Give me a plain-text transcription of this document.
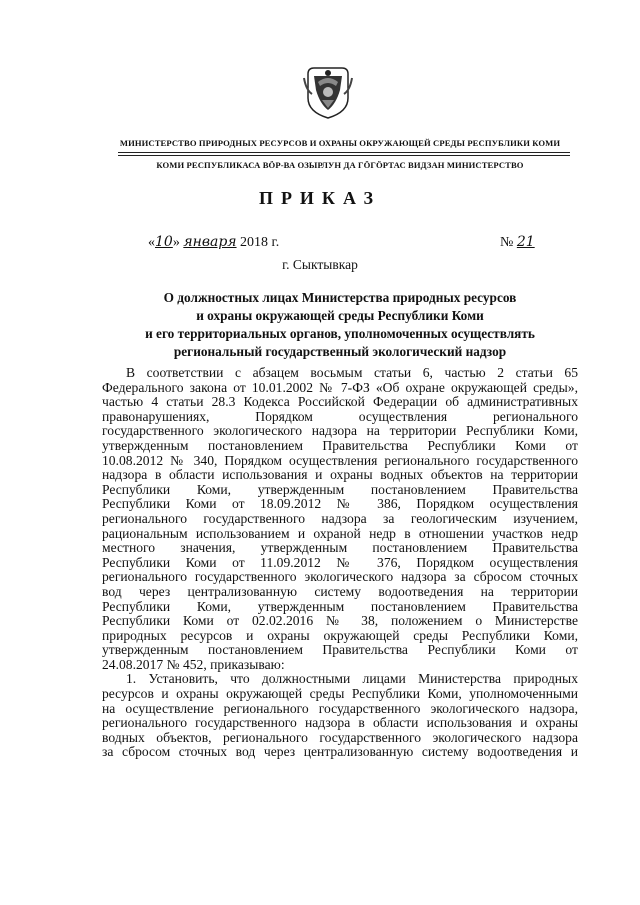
МИНИСТЕРСТВО ПРИРОДНЫХ РЕСУРСОВ И ОХРАНЫ ОКРУЖАЮЩЕЙ СРЕДЫ РЕСПУБЛИКИ КОМИ
КОМИ РЕСПУБЛИКАСА ВӦР-ВА ОЗЫРЛУН ДА ГӦГӦРТАС ВИДЗАН МИНИСТЕРСТВО
ПРИКАЗ
«10» января 2018 г.	№ 21
г. Сыктывкар
О должностных лицах Министерства природных ресурсов
и охраны окружающей среды Республики Коми
и его территориальных органов, уполномоченных осуществлять
региональный государственный экологический надзор
В соответствии с абзацем восьмым статьи 6, частью 2 статьи 65
Федерального закона от 10.01.2002 № 7-ФЗ «Об охране окружающей среды»,
частью 4 статьи 28.3 Кодекса Российской Федерации об административных
правонарушениях, Порядком осуществления регионального
государственного экологического надзора на территории Республики Коми,
утвержденным постановлением Правительства Республики Коми от
10.08.2012 № 340, Порядком осуществления регионального государственного
надзора в области использования и охраны водных объектов на территории
Республики Коми, утвержденным постановлением Правительства
Республики Коми от 18.09.2012 № 386, Порядком осуществления
регионального государственного надзора за геологическим изучением,
рациональным использованием и охраной недр в отношении участков недр
местного значения, утвержденным постановлением Правительства
Республики Коми от 11.09.2012 № 376, Порядком осуществления
регионального государственного экологического надзора за сбросом сточных
вод через централизованную систему водоотведения на территории
Республики Коми, утвержденным постановлением Правительства
Республики Коми от 02.02.2016 № 38, положением о Министерстве
природных ресурсов и охраны окружающей среды Республики Коми,
утвержденным постановлением Правительства Республики Коми от
24.08.2017 № 452, приказываю:
1. Установить, что должностными лицами Министерства природных
ресурсов и охраны окружающей среды Республики Коми, уполномоченными
на осуществление регионального государственного экологического надзора,
регионального государственного надзора в области использования и охраны
водных объектов, регионального государственного экологического надзора
за сбросом сточных вод через централизованную систему водоотведения и
